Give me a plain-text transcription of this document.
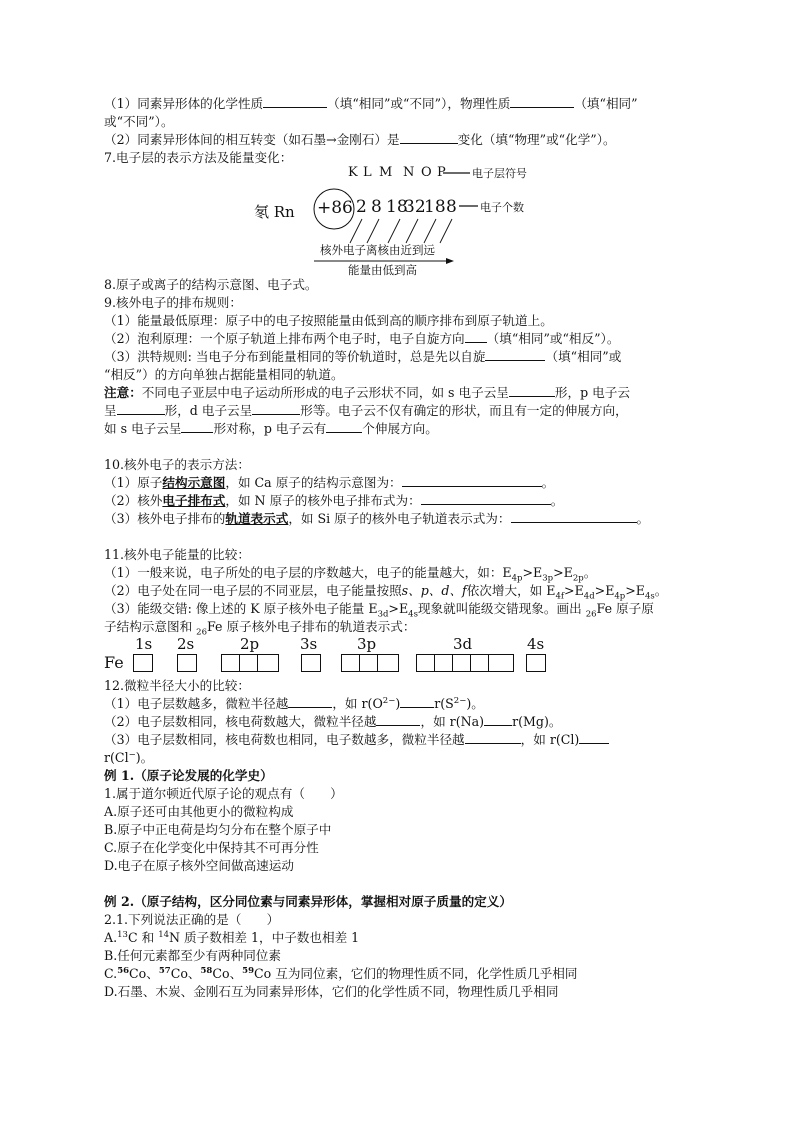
（1）同素异形体的化学性质	（填“相同”或“不同”），物理性质	（填“相同”
或“不同”）。
（2）同素异形体间的相互转变（如石墨→金刚石）是	变化（填“物理”或“化学”）。
7.电子层的表示方法及能量变化：
氡 Rn +86
K L M N O P 电子层符号
2 8 18
32
18 8 电子个数
核外电子离核由近到远
能量由低到高
8.原子或离子的结构示意图、电子式。
9.核外电子的排布规则：
（1）能量最低原理：原子中的电子按照能量由低到高的顺序排布到原子轨道上。
（2）泡利原理：一个原子轨道上排布两个电子时，电子自旋方向 （填“相同”或“相反”）。
（3）洪特规则: 当电子分布到能量相同的等价轨道时，总是先以自旋	（填“相同”或
“相反”）的方向单独占据能量相同的轨道。
注意：不同电子亚层中电子运动所形成的电子云形状不同，如 s 电子云呈	形，p 电子云
呈	形，d 电子云呈	形等。电子云不仅有确定的形状，而且有一定的伸展方向，
如 s 电子云呈	形对称，p 电子云有	个伸展方向。
10.核外电子的表示方法：
（1）原子结构示意图，如 Ca 原子的结构示意图为：	。
（2）核外电子排布式，如 N 原子的核外电子排布式为：	。
（3）核外电子排布的轨道表示式，如 Si 原子的核外电子轨道表示式为：	。
11.核外电子能量的比较：
（1）一般来说，电子所处的电子层的序数越大，电子的能量越大，如：$E_{4p}>E_{3p}>E_{2p}$。
（2）电子处在同一电子层的不同亚层，电子能量按照s、p、d、f依次增大，如 $E_{4f}>E_{4d}>E_{4p}>E_{4s}$。
（3）能级交错: 像上述的 K 原子核外电子能量 $E_{3d}>E_{4s}$现象就叫能级交错现象。画出 $_{26}$Fe 原子原
子结构示意图和 $_{26}$Fe 原子核外电子排布的轨道表示式：
Fe
1s 2s	2p	3s	3p	3d	4s
12.微粒半径大小的比较：
（1）电子层数越多，微粒半径越	，如 $r(O^{2-})$	$r(S^{2-})$。
（2）电子层数相同，核电荷数越大，微粒半径越	，如 r(Na) r(Mg)。
（3）电子层数相同，核电荷数也相同，电子数越多，微粒半径越	，如 r(Cl)
r(Cl−)。
例 1.（原子论发展的化学史）
1.属于道尔顿近代原子论的观点有（　　）
A.原子还可由其他更小的微粒构成
B.原子中正电荷是均匀分布在整个原子中
C.原子在化学变化中保持其不可再分性
D.电子在原子核外空间做高速运动
例 2.（原子结构，区分同位素与同素异形体，掌握相对原子质量的定义）
2.1.下列说法正确的是（　　）
A.$^{13}$C 和 $^{14}$N 质子数相差 1，中子数也相差 1
B.任何元素都至少有两种同位素
C.$^{56}$Co、$^{57}$Co、$^{58}$Co、$^{59}$Co 互为同位素，它们的物理性质不同，化学性质几乎相同
D.石墨、木炭、金刚石互为同素异形体，它们的化学性质不同，物理性质几乎相同
